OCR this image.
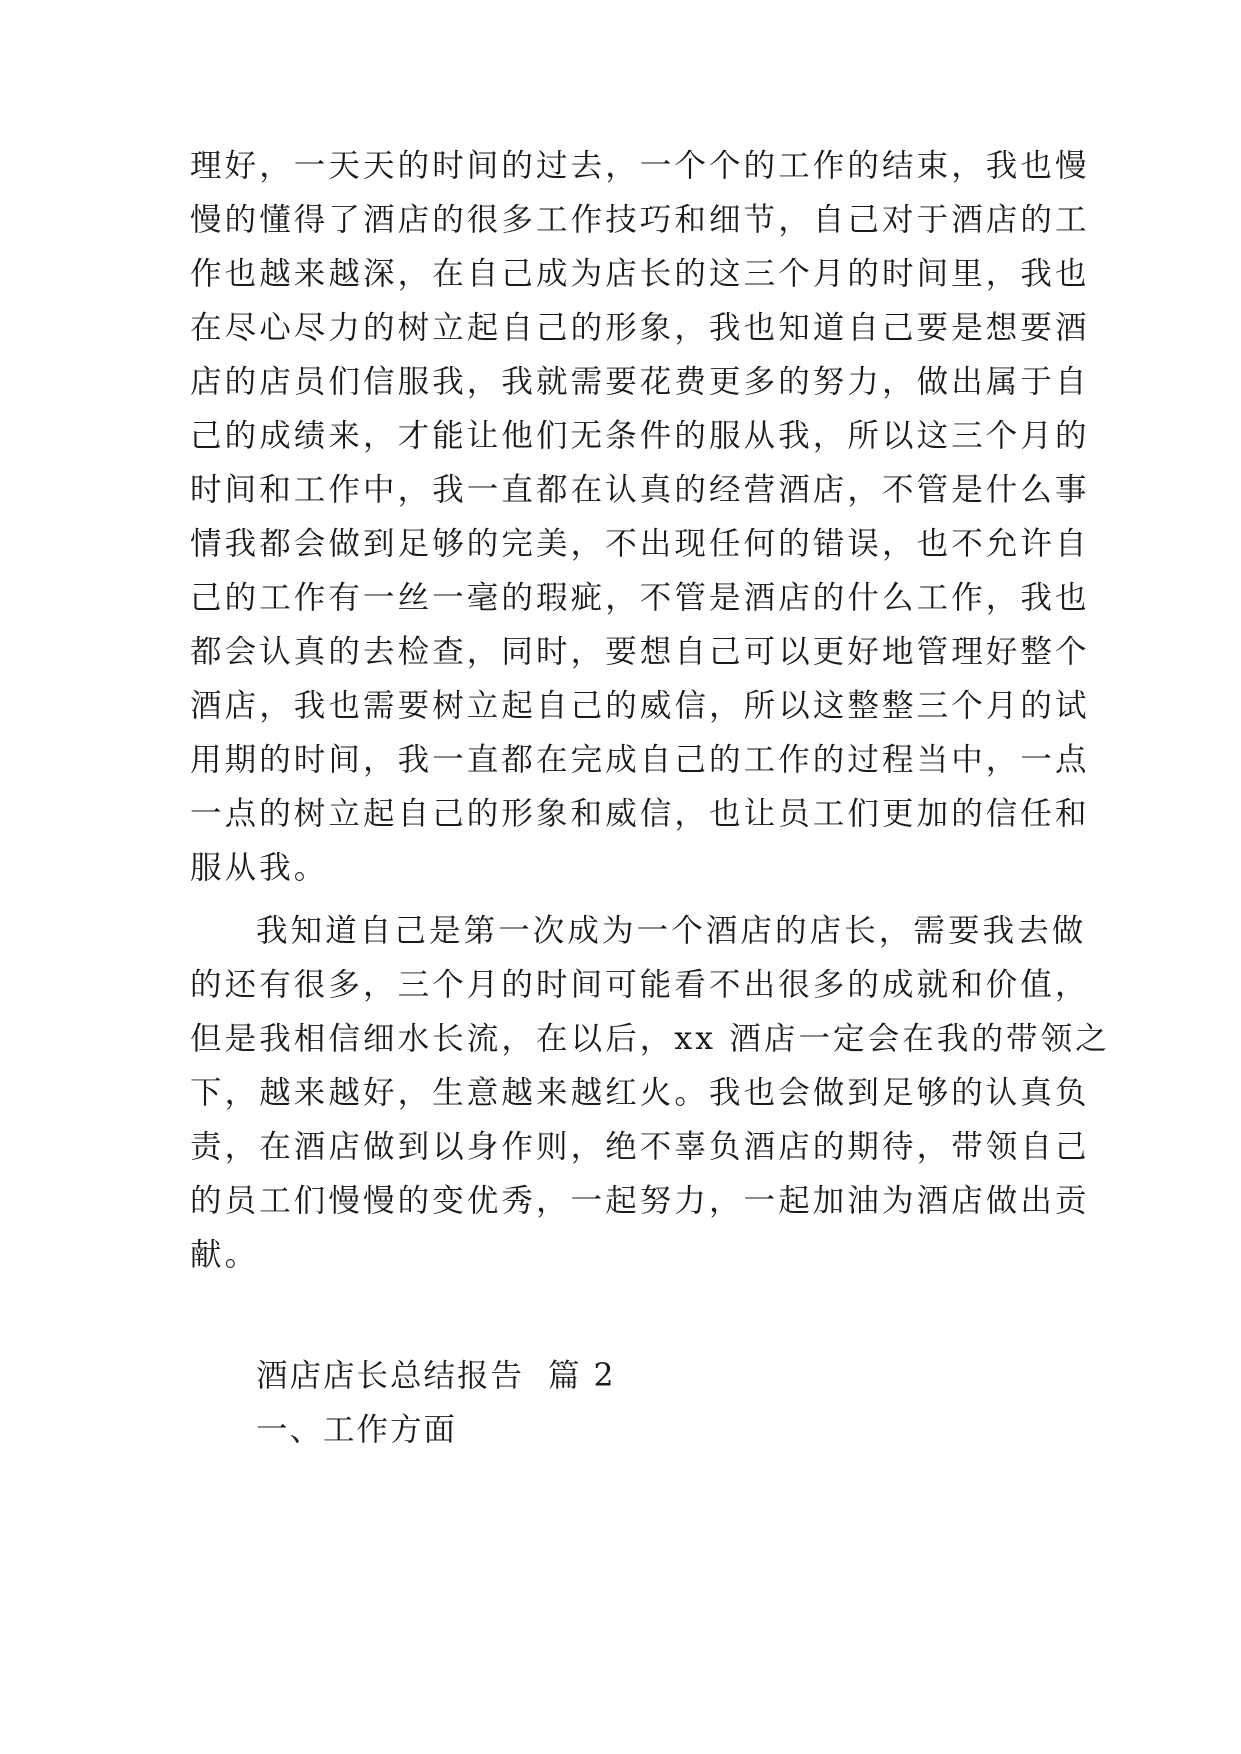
理好，一天天的时间的过去，一个个的工作的结束，我也慢
慢的懂得了酒店的很多工作技巧和细节，自己对于酒店的工
作也越来越深，在自己成为店长的这三个月的时间里，我也
在尽心尽力的树立起自己的形象，我也知道自己要是想要酒
店的店员们信服我，我就需要花费更多的努力，做出属于自
己的成绩来，才能让他们无条件的服从我，所以这三个月的
时间和工作中，我一直都在认真的经营酒店，不管是什么事
情我都会做到足够的完美，不出现任何的错误，也不允许自
己的工作有一丝一毫的瑕疵，不管是酒店的什么工作，我也
都会认真的去检查，同时，要想自己可以更好地管理好整个
酒店，我也需要树立起自己的威信，所以这整整三个月的试
用期的时间，我一直都在完成自己的工作的过程当中，一点
一点的树立起自己的形象和威信，也让员工们更加的信任和
服从我。
我知道自己是第一次成为一个酒店的店长，需要我去做
的还有很多，三个月的时间可能看不出很多的成就和价值，
但是我相信细水长流，在以后，xx 酒店一定会在我的带领之
下，越来越好，生意越来越红火。我也会做到足够的认真负
责，在酒店做到以身作则，绝不辜负酒店的期待，带领自己
的员工们慢慢的变优秀，一起努力，一起加油为酒店做出贡
献。
酒店店长总结报告  篇 2
一、工作方面
